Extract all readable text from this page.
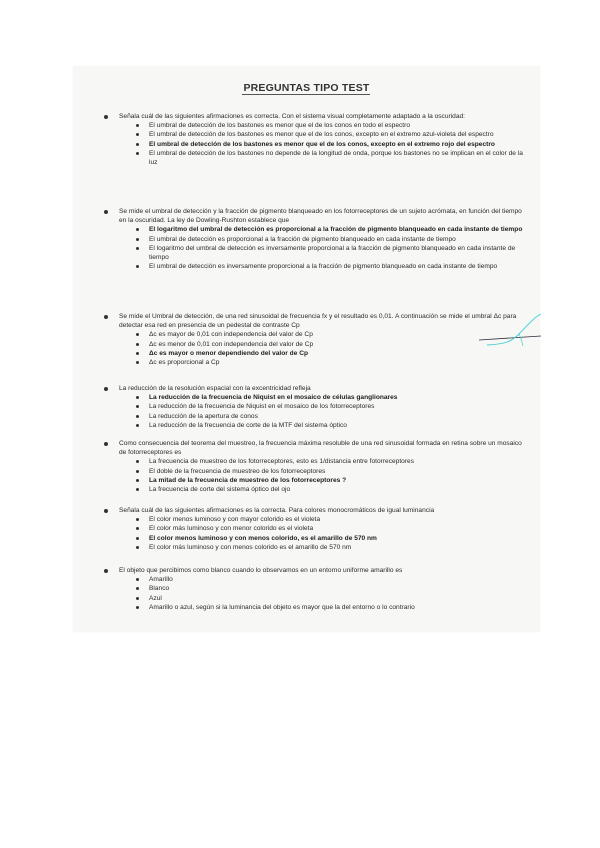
PREGUNTAS TIPO TEST
Señala cuál de las siguientes afirmaciones es correcta. Con el sistema visual completamente adaptado a la oscuridad:
El umbral de detección de los bastones es menor que el de los conos en todo el espectro
El umbral de detección de los bastones es menor que el de los conos, excepto en el extremo azul-violeta del espectro
El umbral de detección de los bastones es menor que el de los conos, excepto en el extremo rojo del espectro
El umbral de detección de los bastones no depende de la longitud de onda, porque los bastones no se implican en el color de la luz
Se mide el umbral de detección y la fracción de pigmento blanqueado en los fotorreceptores de un sujeto acrómata, en función del tiempo en la oscuridad. La ley de Dowling-Rushton establece que
El logaritmo del umbral de detección es proporcional a la fracción de pigmento blanqueado en cada instante de tiempo
El umbral de detección es proporcional a la fracción de pigmento blanqueado en cada instante de tiempo
El logaritmo del umbral de detección es inversamente proporcional a la fracción de pigmento blanqueado en cada instante de tiempo
El umbral de detección es inversamente proporcional a la fracción de pigmento blanqueado en cada instante de tiempo
Se mide el Umbral de detección, de una red sinusoidal de frecuencia fx y el resultado es 0,01. A continuación se mide el umbral Δc para detectar esa red en presencia de un pedestal de contraste Cp
Δc es mayor de 0,01 con independencia del valor de Cp
Δc es menor de 0,01 con independencia del valor de Cp
Δc es mayor o menor dependiendo del valor de Cp
Δc es proporcional a Cp
La reducción de la resolución espacial con la excentricidad refleja
La reducción de la frecuencia de Niquist en el mosaico de células ganglionares
La reducción de la frecuencia de Niquist en el mosaico de los fotorreceptores
La reducción de la apertura de conos
La reducción de la frecuencia de corte de la MTF del sistema óptico
Como consecuencia del teorema del muestreo, la frecuencia máxima resoluble de una red sinusoidal formada en retina sobre un mosaico de fotorreceptores es
La frecuencia de muestreo de los fotorreceptores, esto es 1/distancia entre fotorreceptores
El doble de la frecuencia de muestreo de los fotorreceptores
La mitad de la frecuencia de muestreo de los fotorreceptores ?
La frecuencia de corte del sistema óptico del ojo
Señala cuál de las siguientes afirmaciones es la correcta. Para colores monocromáticos de igual luminancia
El color menos luminoso y con mayor colorido es el violeta
El color más luminoso y con menor colorido es el violeta
El color menos luminoso y con menos colorido, es el amarillo de 570 nm
El color más luminoso y con menos colorido es el amarillo de 570 nm
El objeto que percibimos como blanco cuando lo observamos en un entorno uniforme amarillo es
Amarillo
Blanco
Azul
Amarillo o azul, según si la luminancia del objeto es mayor que la del entorno o lo contrario
